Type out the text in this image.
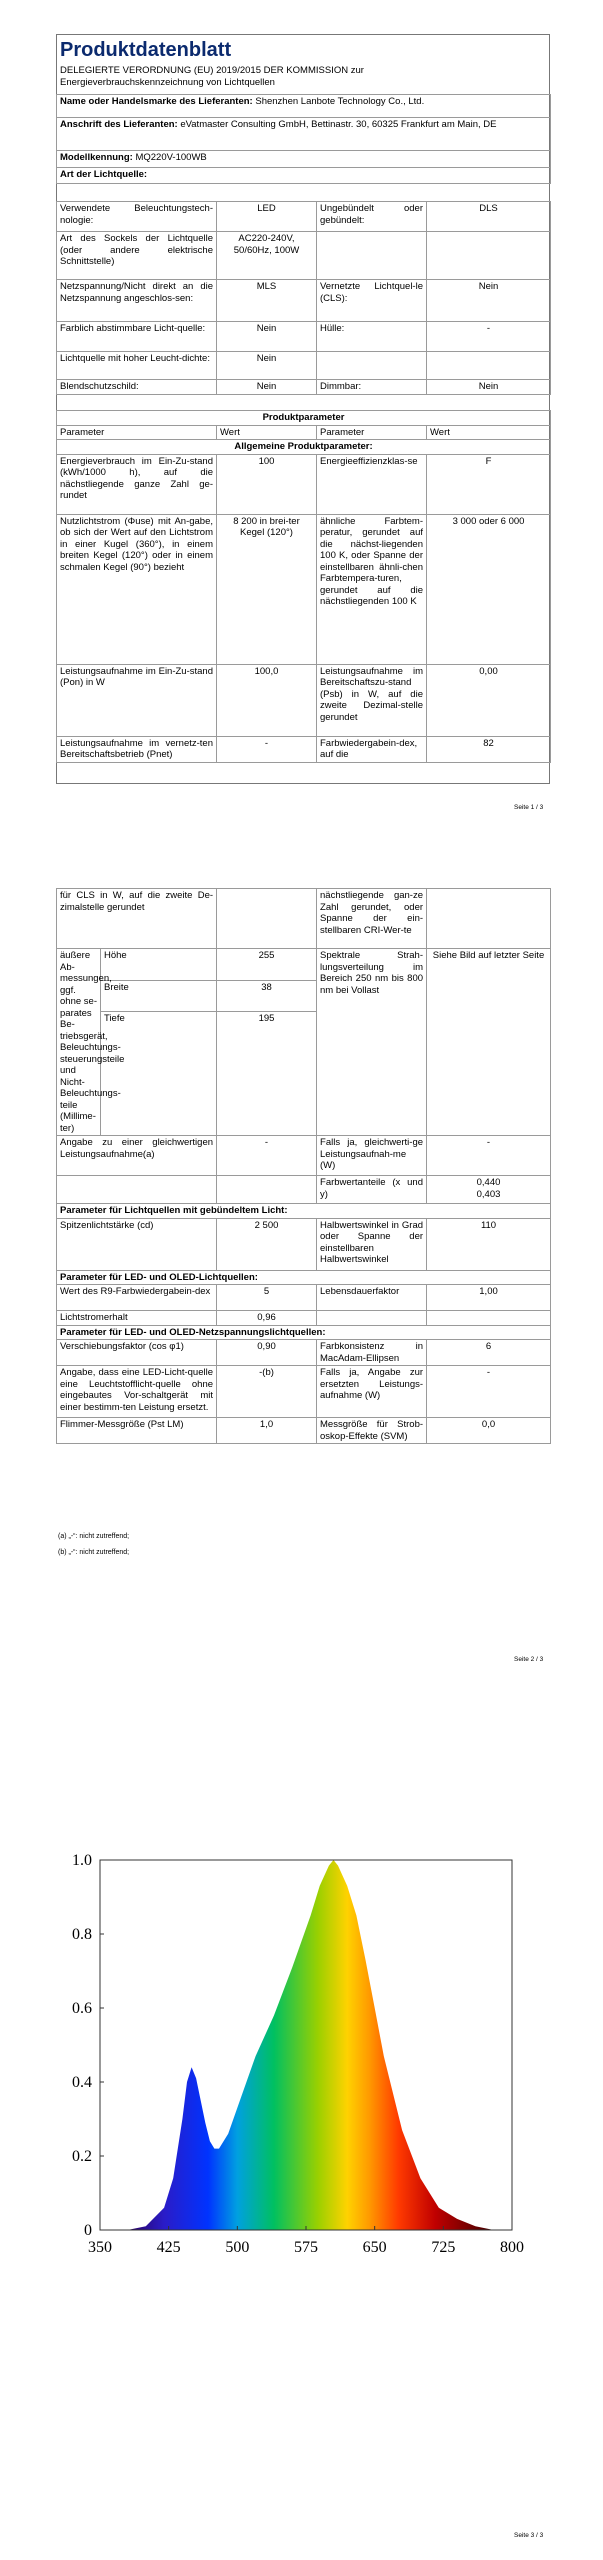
Produktdatenblatt
DELEGIERTE VERORDNUNG (EU) 2019/2015 DER KOMMISSION zur
Energieverbrauchskennzeichnung von Lichtquellen
Name oder Handelsmarke des Lieferanten: Shenzhen Lanbote Technology Co., Ltd.
Anschrift des Lieferanten: eVatmaster Consulting GmbH, Bettinastr. 30, 60325 Frankfurt am Main, DE
Modellkennung: MQ220V-100WB
Art der Lichtquelle:
Verwendete Beleuchtungstech-nologie:	LED	Ungebündelt oder gebündelt:	DLS
Art des Sockels der Lichtquelle (oder andere elektrische Schnittstelle)	AC220-240V, 50/60Hz, 100W		
Netzspannung/Nicht direkt an die Netzspannung angeschlos-sen:	MLS	Vernetzte Lichtquel-le (CLS):	Nein
Farblich abstimmbare Licht-quelle:	Nein	Hülle:	-
Lichtquelle mit hoher Leucht-dichte:	Nein		
Blendschutzschild:	Nein	Dimmbar:	Nein
Produktparameter			
Parameter	Wert	Parameter	Wert
Allgemeine Produktparameter:			
Energieverbrauch im Ein-Zu-stand (kWh/1000 h), auf die nächstliegende ganze Zahl ge-rundet	100	Energieeffizienzklas-se	F
Nutzlichtstrom (Φuse) mit An-gabe, ob sich der Wert auf den Lichtstrom in einer Kugel (360°), in einem breiten Kegel (120°) oder in einem schmalen Kegel (90°) bezieht	8 200 in brei-ter Kegel (120°)	ähnliche Farbtem-peratur, gerundet auf die nächst-liegenden 100 K, oder Spanne der einstellbaren ähnli-chen Farbtempera-turen, gerundet auf die nächstliegenden 100 K	3 000 oder 6 000
Leistungsaufnahme im Ein-Zu-stand (Pon) in W	100,0	Leistungsaufnahme im Bereitschaftszu-stand (Psb) in W, auf die zweite Dezimal-stelle gerundet	0,00
Leistungsaufnahme im vernetz-ten Bereitschaftsbetrieb (Pnet)	-	Farbwiedergabein-dex, auf die	82
Seite 1 / 3
für CLS in W, auf die zweite De-zimalstelle gerundet			nächstliegende gan-ze Zahl gerundet, oder Spanne der ein-stellbaren CRI-Wer-te	
äußere Ab-messungen, ggf. ohne se-parates Be-triebsgerät, Beleuchtungs-steuerungsteile und Nicht-Beleuchtungs-teile (Millime-ter)	Höhe	255	Spektrale Strah-lungsverteilung im Bereich 250 nm bis 800 nm bei Vollast	Siehe Bild auf letzter Seite
	Breite	38		
	Tiefe	195		
Angabe zu einer gleichwertigen Leistungsaufnahme(a)		-	Falls ja, gleichwerti-ge Leistungsaufnah-me (W)	-
			Farbwertanteile (x und y)	0,440
0,403

Parameter für Lichtquellen mit gebündeltem Licht:				
Spitzenlichtstärke (cd)		2 500	Halbwertswinkel in Grad oder Spanne der einstellbaren Halbwertswinkel	110
Parameter für LED- und OLED-Lichtquellen:				
Wert des R9-Farbwiedergabein-dex		5	Lebensdauerfaktor	1,00
Lichtstromerhalt		0,96		
Parameter für LED- und OLED-Netzspannungslichtquellen:				
Verschiebungsfaktor (cos φ1)		0,90	Farbkonsistenz in MacAdam-Ellipsen	6
Angabe, dass eine LED-Licht-quelle eine Leuchtstofflicht-quelle ohne eingebautes Vor-schaltgerät mit einer bestimm-ten Leistung ersetzt.		-(b)	Falls ja, Angabe zur ersetzten Leistungs-aufnahme (W)	-
Flimmer-Messgröße (Pst LM)		1,0	Messgröße für Strob-oskop-Effekte (SVM)	0,0
(a) „-“: nicht zutreffend;
(b) „-“: nicht zutreffend;
Seite 2 / 3
350	425	500	575	650	725	800
0
0.2
0.4
0.6
0.8
1.0
Seite 3 / 3
